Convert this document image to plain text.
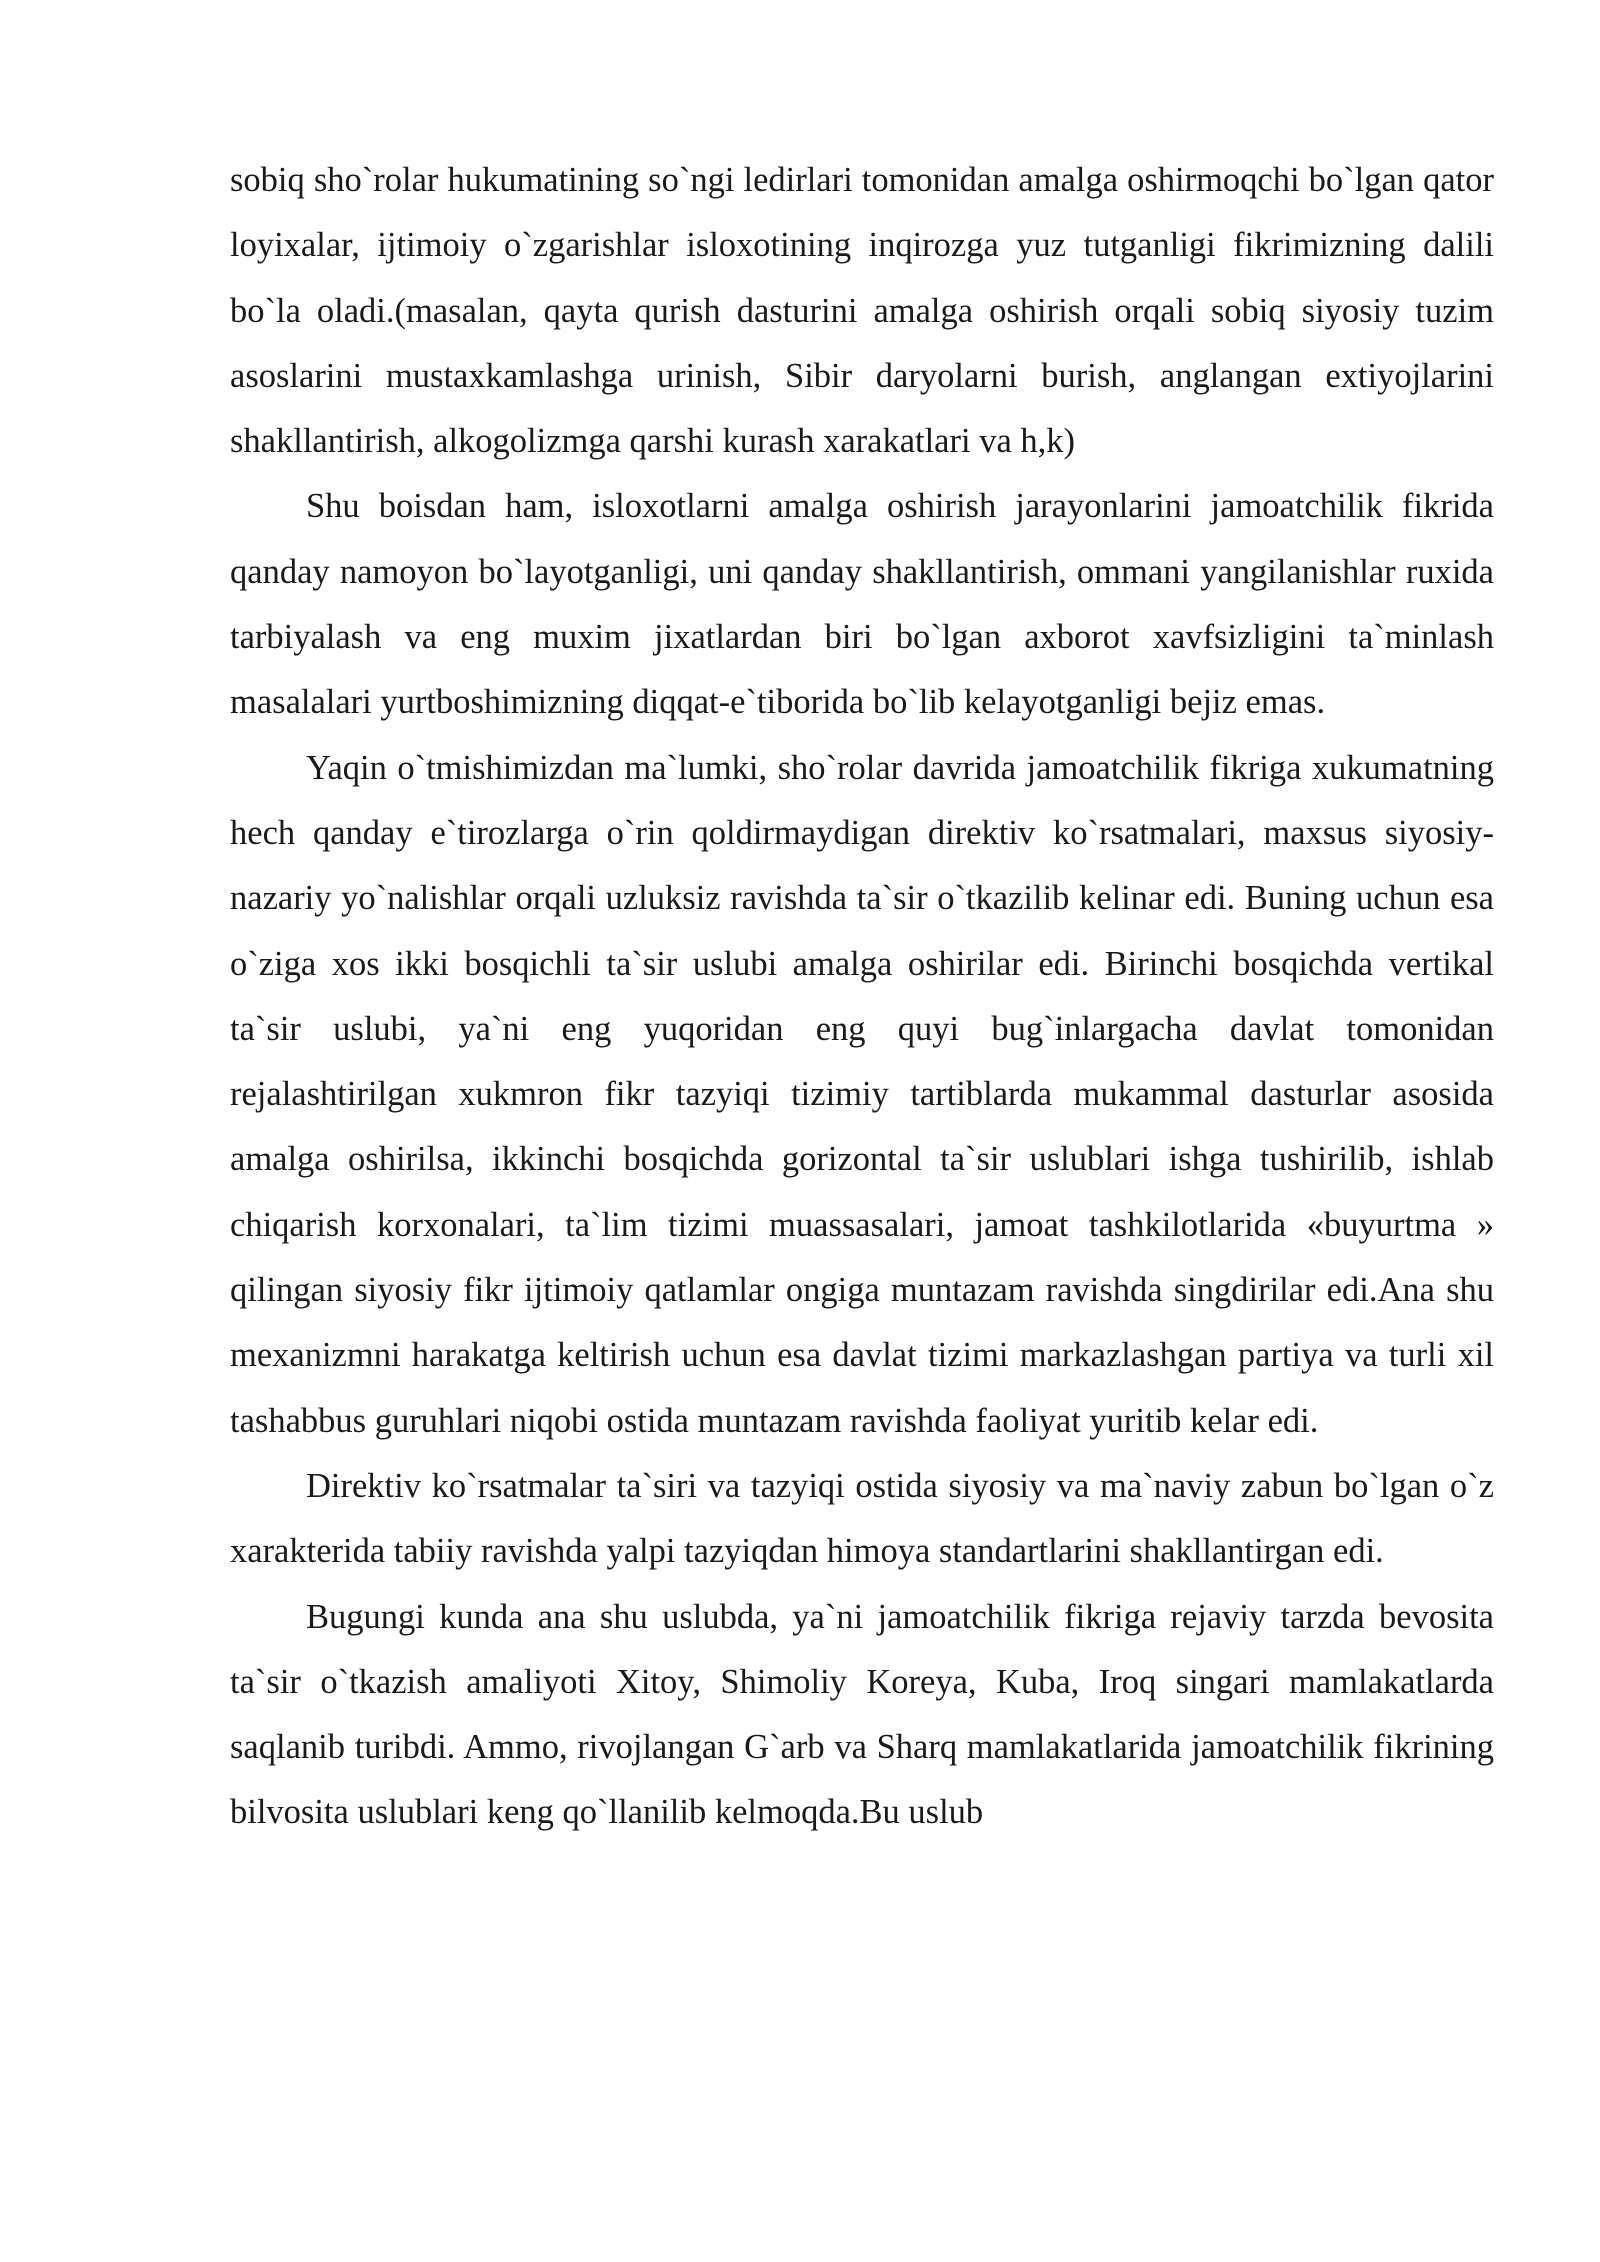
sobiq sho`rolar hukumatining so`ngi ledirlari tomonidan amalga oshirmoqchi bo`lgan qator loyixalar, ijtimoiy o`zgarishlar isloxotining inqirozga yuz tutganligi fikrimizning dalili bo`la oladi.(masalan, qayta qurish dasturini amalga oshirish orqali sobiq siyosiy tuzim asoslarini mustaxkamlashga urinish, Sibir daryolarni burish, anglangan extiyojlarini shakllantirish, alkogolizmga qarshi kurash xarakatlari va h,k)

Shu boisdan ham, isloxotlarni amalga oshirish jarayonlarini jamoatchilik fikrida qanday namoyon bo`layotganligi, uni qanday shakllantirish, ommani yangilanishlar ruxida tarbiyalash va eng muxim jixatlardan biri bo`lgan axborot xavfsizligini ta`minlash masalalari yurtboshimizning diqqat-e`tiborida bo`lib kelayotganligi bejiz emas.

Yaqin o`tmishimizdan ma`lumki, sho`rolar davrida jamoatchilik fikriga xukumatning hech qanday e`tirozlarga o`rin qoldirmaydigan direktiv ko`rsatmalari, maxsus siyosiy-nazariy yo`nalishlar orqali uzluksiz ravishda ta`sir o`tkazilib kelinar edi. Buning uchun esa o`ziga xos ikki bosqichli ta`sir uslubi amalga oshirilar edi. Birinchi bosqichda vertikal ta`sir uslubi, ya`ni eng yuqoridan eng quyi bug`inlargacha davlat tomonidan rejalashtirilgan xukmron fikr tazyiqi tizimiy tartiblarda mukammal dasturlar asosida amalga oshirilsa, ikkinchi bosqichda gorizontal ta`sir uslublari ishga tushirilib, ishlab chiqarish korxonalari, ta`lim tizimi muassasalari, jamoat tashkilotlarida «buyurtma » qilingan siyosiy fikr ijtimoiy qatlamlar ongiga muntazam ravishda singdirilar edi.Ana shu mexanizmni harakatga keltirish uchun esa davlat tizimi markazlashgan partiya va turli xil tashabbus guruhlari niqobi ostida muntazam ravishda faoliyat yuritib kelar edi.

Direktiv ko`rsatmalar ta`siri va tazyiqi ostida siyosiy va ma`naviy zabun bo`lgan o`z xarakterida tabiiy ravishda yalpi tazyiqdan himoya standartlarini shakllantirgan edi.

Bugungi kunda ana shu uslubda, ya`ni jamoatchilik fikriga rejaviy tarzda bevosita ta`sir o`tkazish amaliyoti Xitoy, Shimoliy Koreya, Kuba, Iroq singari mamlakatlarda saqlanib turibdi. Ammo, rivojlangan G`arb va Sharq mamlakatlarida jamoatchilik fikrining bilvosita uslublari keng qo`llanilib kelmoqda.Bu uslub
